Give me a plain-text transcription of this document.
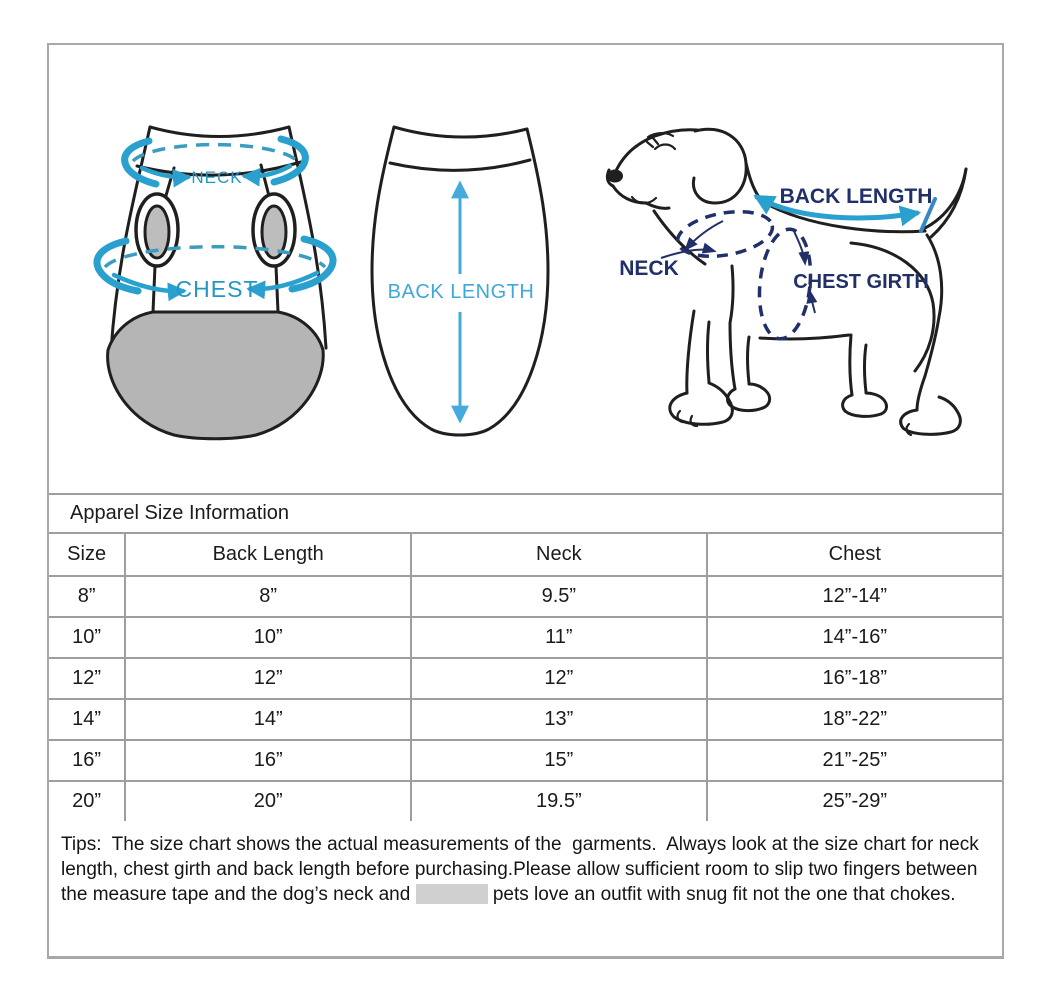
NECK
CHEST	BACK LENGTH
BACK LENGTH
NECK
CHEST GIRTH
Apparel Size Information			
Size	Back Length	Neck	Chest
8”	8”	9.5”	12”-14”
10”	10”	11”	14”-16”
12”	12”	12”	16”-18”
14”	14”	13”	18”-22”
16”	16”	15”	21”-25”
20”	20”	19.5”	25”-29”

Tips:  The size chart shows the actual measurements of the  garments.  Always look at the size chart for neck length, chest girth and back length before purchasing.Please allow sufficient room to slip two fingers between the measure tape and the dog’s neck and	pets love an outfit with snug fit not the one that chokes.
